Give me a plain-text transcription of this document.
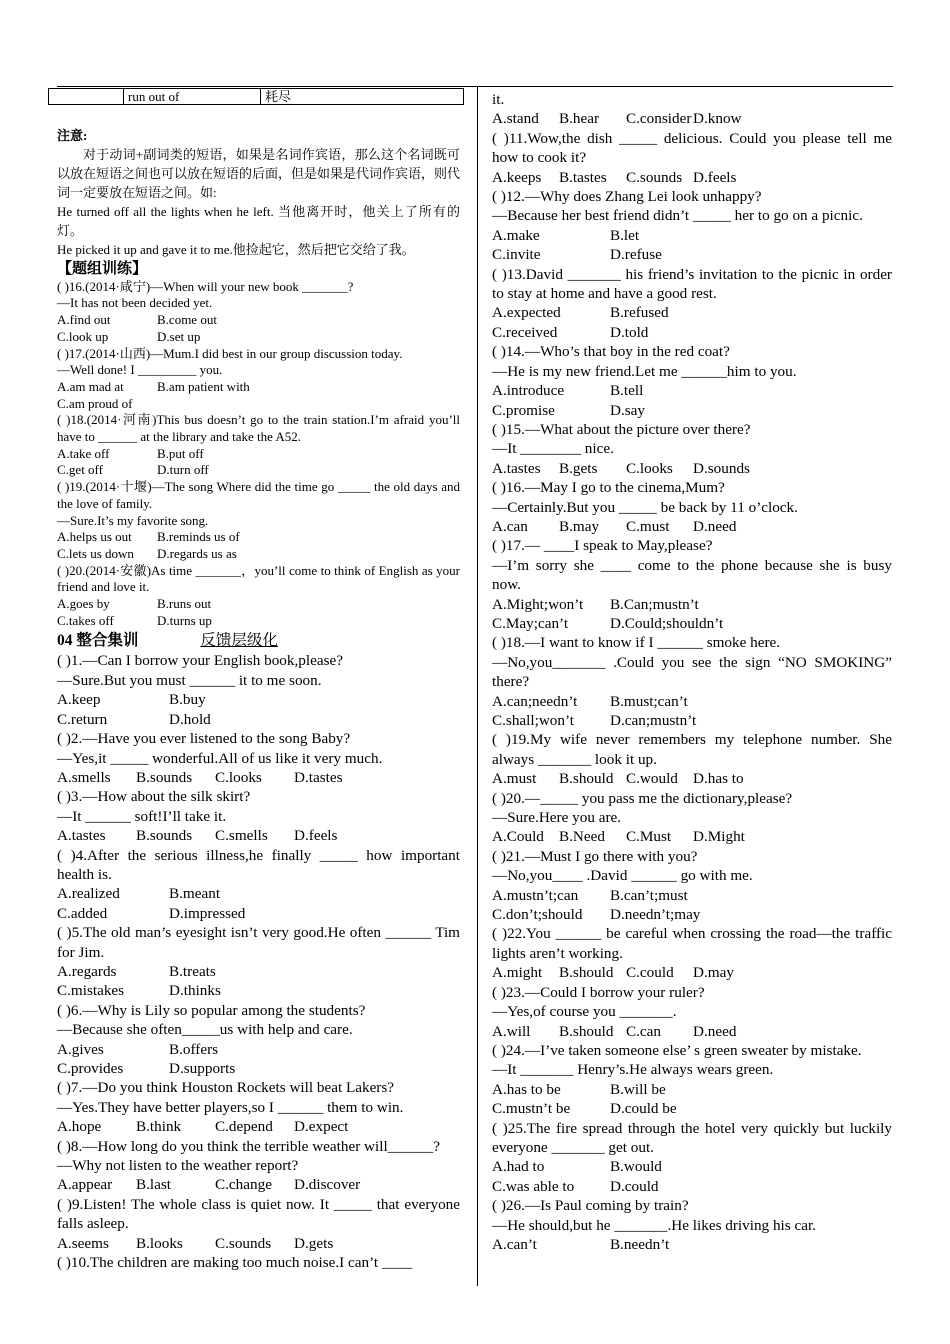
	run out of	耗尽

注意:

对于动词+副词类的短语，如果是名词作宾语，那么这个名词既可以放在短语之间也可以放在短语的后面，但是如果是代词作宾语，则代词一定要放在短语之间。如:

He turned off all the lights when he left. 当他离开时，他关上了所有的灯。

He picked it up and gave it to me.他捡起它，然后把它交给了我。

【题组训练】

( )16.(2014·咸宁)—When will your new book _______?

—It has not been decided yet.

A.find out	B.come out

C.look up	D.set up

( )17.(2014·山西)—Mum.I did best in our group discussion today.

—Well done! I _________ you.

A.am mad at	B.am patient with

C.am proud of

( )18.(2014·河南)This bus doesn’t go to the train station.I’m afraid you’ll have to ______ at the library and take the A52.

A.take off	B.put off

C.get off	D.turn off

( )19.(2014·十堰)—The song Where did the time go _____ the old days and the love of family.

—Sure.It’s my favorite song.

A.helps us out	B.reminds us of

C.lets us down	D.regards us as

( )20.(2014·安徽)As time _______，you’ll come to think of English as your friend and love it.

A.goes by	B.runs out

C.takes off	D.turns up

04 整合集训	反馈层级化

( )1.—Can I borrow your English book,please?

—Sure.But you must ______ it to me soon.

A.keep	B.buy

C.return	D.hold

( )2.—Have you ever listened to the song Baby?

—Yes,it _____ wonderful.All of us like it very much.

A.smells	B.sounds	C.looks	D.tastes

( )3.—How about the silk skirt?

—It ______ soft!I’ll take it.

A.tastes	B.sounds	C.smells	D.feels

( )4.After the serious illness,he finally _____ how important health is.

A.realized	B.meant

C.added	D.impressed

( )5.The old man’s eyesight isn’t very good.He often ______ Tim for Jim.

A.regards	B.treats

C.mistakes	D.thinks

( )6.—Why is Lily so popular among the students?

—Because she often_____us with help and care.

A.gives	B.offers

C.provides	D.supports

( )7.—Do you think Houston Rockets will beat Lakers?

—Yes.They have better players,so I ______ them to win.

A.hope	B.think	C.depend	D.expect

( )8.—How long do you think the terrible weather will______?

—Why not listen to the weather report?

A.appear	B.last	C.change	D.discover

( )9.Listen! The whole class is quiet now. It _____ that everyone falls asleep.

A.seems	B.looks	C.sounds	D.gets

( )10.The children are making too much noise.I can’t ____

it.

A.stand	B.hear	C.consider D.know

( )11.Wow,the dish _____ delicious. Could you please tell me how to cook it?

A.keeps	B.tastes	C.sounds D.feels

( )12.—Why does Zhang Lei look unhappy?

—Because her best friend didn’t _____ her to go on a picnic.

A.make	B.let

C.invite	D.refuse

( )13.David _______ his friend’s invitation to the picnic in order to stay at home and have a good rest.

A.expected	B.refused

C.received	D.told

( )14.—Who’s that boy in the red coat?

—He is my new friend.Let me ______him to you.

A.introduce	B.tell

C.promise	D.say

( )15.—What about the picture over there?

—It ________ nice.

A.tastes	B.gets	C.looks	D.sounds

( )16.—May I go to the cinema,Mum?

—Certainly.But you _____ be back by 11 o’clock.

A.can	B.may	C.must	D.need

( )17.— ____I speak to May,please?

—I’m sorry she ____ come to the phone because she is busy now.

A.Might;won’t	B.Can;mustn’t

C.May;can’t	D.Could;shouldn’t

( )18.—I want to know if I ______ smoke here.

—No,you_______ .Could you see the sign “NO SMOKING” there?

A.can;needn’t	B.must;can’t

C.shall;won’t	D.can;mustn’t

( )19.My wife never remembers my telephone number. She always _______ look it up.

A.must	B.should C.would D.has to

( )20.—_____ you pass me the dictionary,please?

—Sure.Here you are.

A.Could B.Need	C.Must	D.Might

( )21.—Must I go there with you?

—No,you____ .David ______ go with me.

A.mustn’t;can	B.can’t;must

C.don’t;should	D.needn’t;may

( )22.You ______ be careful when crossing the road—the traffic lights aren’t working.

A.might	B.should C.could	D.may

( )23.—Could I borrow your ruler?

—Yes,of course you _______.

A.will	B.should C.can	D.need

( )24.—I’ve taken someone else’ s green sweater by mistake.

—It _______ Henry’s.He always wears green.

A.has to be	B.will be

C.mustn’t be	D.could be

( )25.The fire spread through the hotel very quickly but luckily everyone _______ get out.

A.had to	B.would

C.was able to	D.could

( )26.—Is Paul coming by train?

—He should,but he _______.He likes driving his car.

A.can’t	B.needn’t
